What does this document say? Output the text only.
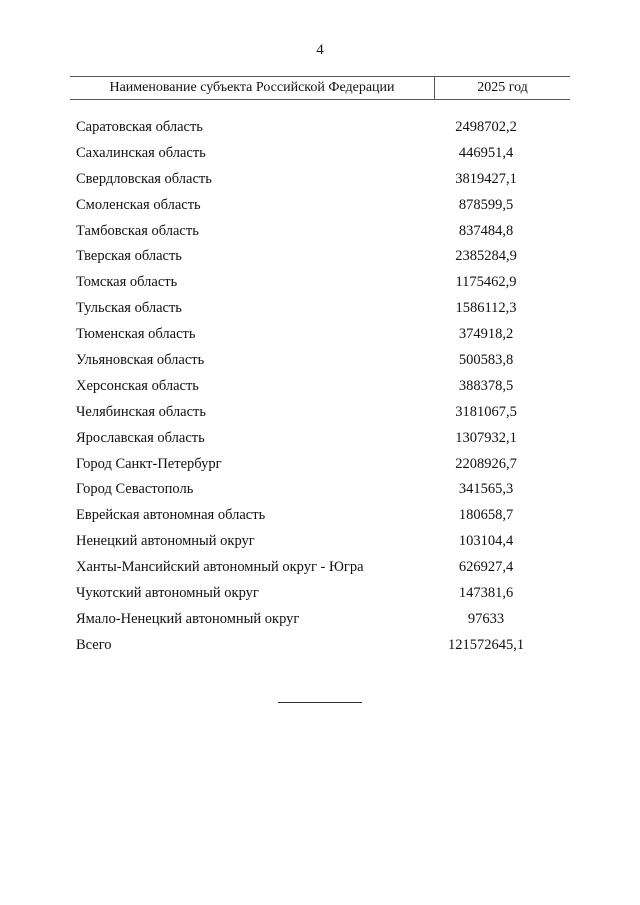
4
Наименование субъекта Российской Федерации	2025 год
Саратовская область	2498702,2
Сахалинская область	446951,4
Свердловская область	3819427,1
Смоленская область	878599,5
Тамбовская область	837484,8
Тверская область	2385284,9
Томская область	1175462,9
Тульская область	1586112,3
Тюменская область	374918,2
Ульяновская область	500583,8
Херсонская область	388378,5
Челябинская область	3181067,5
Ярославская область	1307932,1
Город Санкт-Петербург	2208926,7
Город Севастополь	341565,3
Еврейская автономная область	180658,7
Ненецкий автономный округ	103104,4
Ханты-Мансийский автономный округ - Югра	626927,4
Чукотский автономный округ	147381,6
Ямало-Ненецкий автономный округ	97633
Всего	121572645,1
